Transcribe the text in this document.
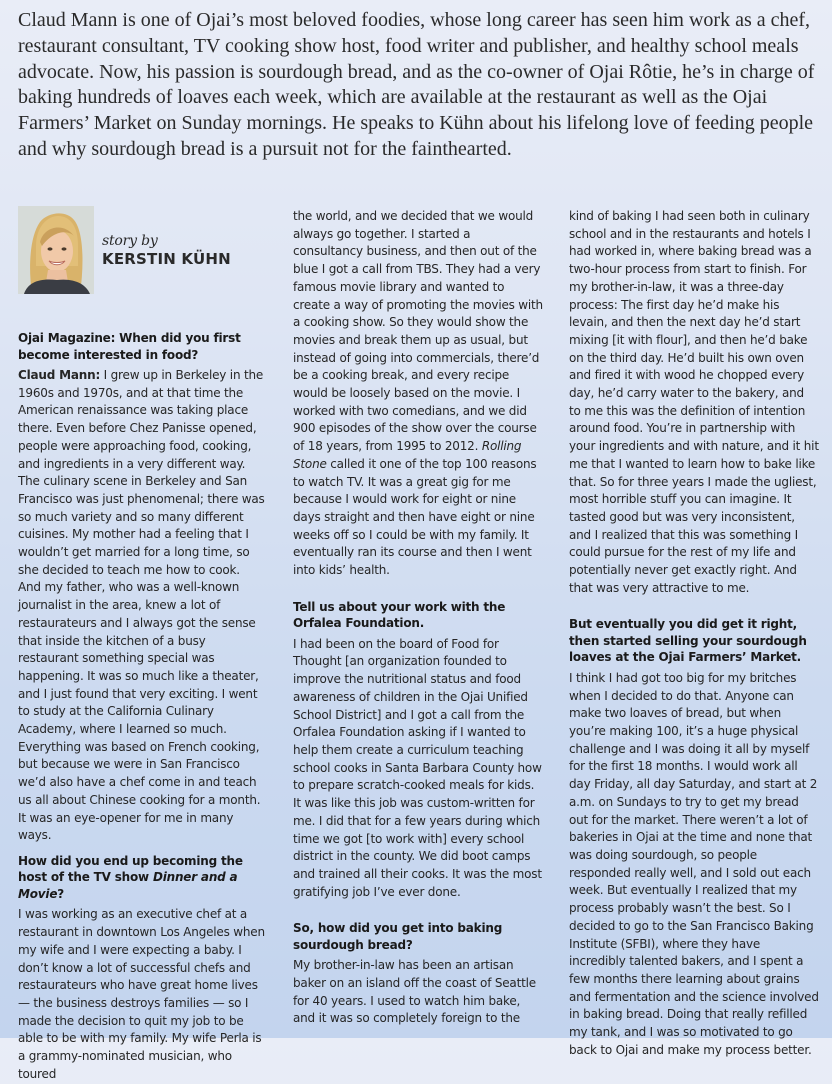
Claud Mann is one of Ojai’s most beloved foodies, whose long career has seen him work as a chef, restaurant consultant, TV cooking show host, food writer and publisher, and healthy school meals advocate. Now, his passion is sourdough bread, and as the co-owner of Ojai Rôtie, he’s in charge of baking hundreds of loaves each week, which are available at the restaurant as well as the Ojai Farmers’ Market on Sunday mornings. He speaks to Kühn about his lifelong love of feeding people and why sourdough bread is a pursuit not for the fainthearted.

story by
KERSTIN KÜHN
Ojai Magazine: When did you first become interested in food?

Claud Mann: I grew up in Berkeley in the 1960s and 1970s, and at that time the American renaissance was taking place there. Even before Chez Panisse opened, people were approaching food, cooking, and ingredients in a very different way. The culinary scene in Berkeley and San Francisco was just phenomenal; there was so much variety and so many different cuisines. My mother had a feeling that I wouldn’t get married for a long time, so she decided to teach me how to cook. And my father, who was a well-known journalist in the area, knew a lot of restaurateurs and I always got the sense that inside the kitchen of a busy restaurant something special was happening. It was so much like a theater, and I just found that very exciting. I went to study at the California Culinary Academy, where I learned so much. Everything was based on French cooking, but because we were in San Francisco we’d also have a chef come in and teach us all about Chinese cooking for a month. It was an eye-opener for me in many ways.

How did you end up becoming the host of the TV show Dinner and a Movie?

I was working as an executive chef at a restaurant in downtown Los Angeles when my wife and I were expecting a baby. I don’t know a lot of successful chefs and restaurateurs who have great home lives — the business destroys families — so I made the decision to quit my job to be able to be with my family. My wife Perla is a grammy-nominated musician, who toured

the world, and we decided that we would always go together. I started a consultancy business, and then out of the blue I got a call from TBS. They had a very famous movie library and wanted to create a way of promoting the movies with a cooking show. So they would show the movies and break them up as usual, but instead of going into commercials, there’d be a cooking break, and every recipe would be loosely based on the movie. I worked with two comedians, and we did 900 episodes of the show over the course of 18 years, from 1995 to 2012. Rolling Stone called it one of the top 100 reasons to watch TV. It was a great gig for me because I would work for eight or nine days straight and then have eight or nine weeks off so I could be with my family. It eventually ran its course and then I went into kids’ health.

Tell us about your work with the Orfalea Foundation.

I had been on the board of Food for Thought [an organization founded to improve the nutritional status and food awareness of children in the Ojai Unified School District] and I got a call from the Orfalea Foundation asking if I wanted to help them create a curriculum teaching school cooks in Santa Barbara County how to prepare scratch-cooked meals for kids. It was like this job was custom-written for me. I did that for a few years during which time we got [to work with] every school district in the county. We did boot camps and trained all their cooks. It was the most gratifying job I’ve ever done.

So, how did you get into baking sourdough bread?

My brother-in-law has been an artisan baker on an island off the coast of Seattle for 40 years. I used to watch him bake, and it was so completely foreign to the

kind of baking I had seen both in culinary school and in the restaurants and hotels I had worked in, where baking bread was a two-hour process from start to finish. For my brother-in-law, it was a three-day process: The first day he’d make his levain, and then the next day he’d start mixing [it with flour], and then he’d bake on the third day. He’d built his own oven and fired it with wood he chopped every day, he’d carry water to the bakery, and to me this was the definition of intention around food. You’re in partnership with your ingredients and with nature, and it hit me that I wanted to learn how to bake like that. So for three years I made the ugliest, most horrible stuff you can imagine. It tasted good but was very inconsistent, and I realized that this was something I could pursue for the rest of my life and potentially never get exactly right. And that was very attractive to me.

But eventually you did get it right, then started selling your sourdough loaves at the Ojai Farmers’ Market.

I think I had got too big for my britches when I decided to do that. Anyone can make two loaves of bread, but when you’re making 100, it’s a huge physical challenge and I was doing it all by myself for the first 18 months. I would work all day Friday, all day Saturday, and start at 2 a.m. on Sundays to try to get my bread out for the market. There weren’t a lot of bakeries in Ojai at the time and none that was doing sourdough, so people responded really well, and I sold out each week. But eventually I realized that my process probably wasn’t the best. So I decided to go to the San Francisco Baking Institute (SFBI), where they have incredibly talented bakers, and I spent a few months there learning about grains and fermentation and the science involved in baking bread. Doing that really refilled my tank, and I was so motivated to go back to Ojai and make my process better.
